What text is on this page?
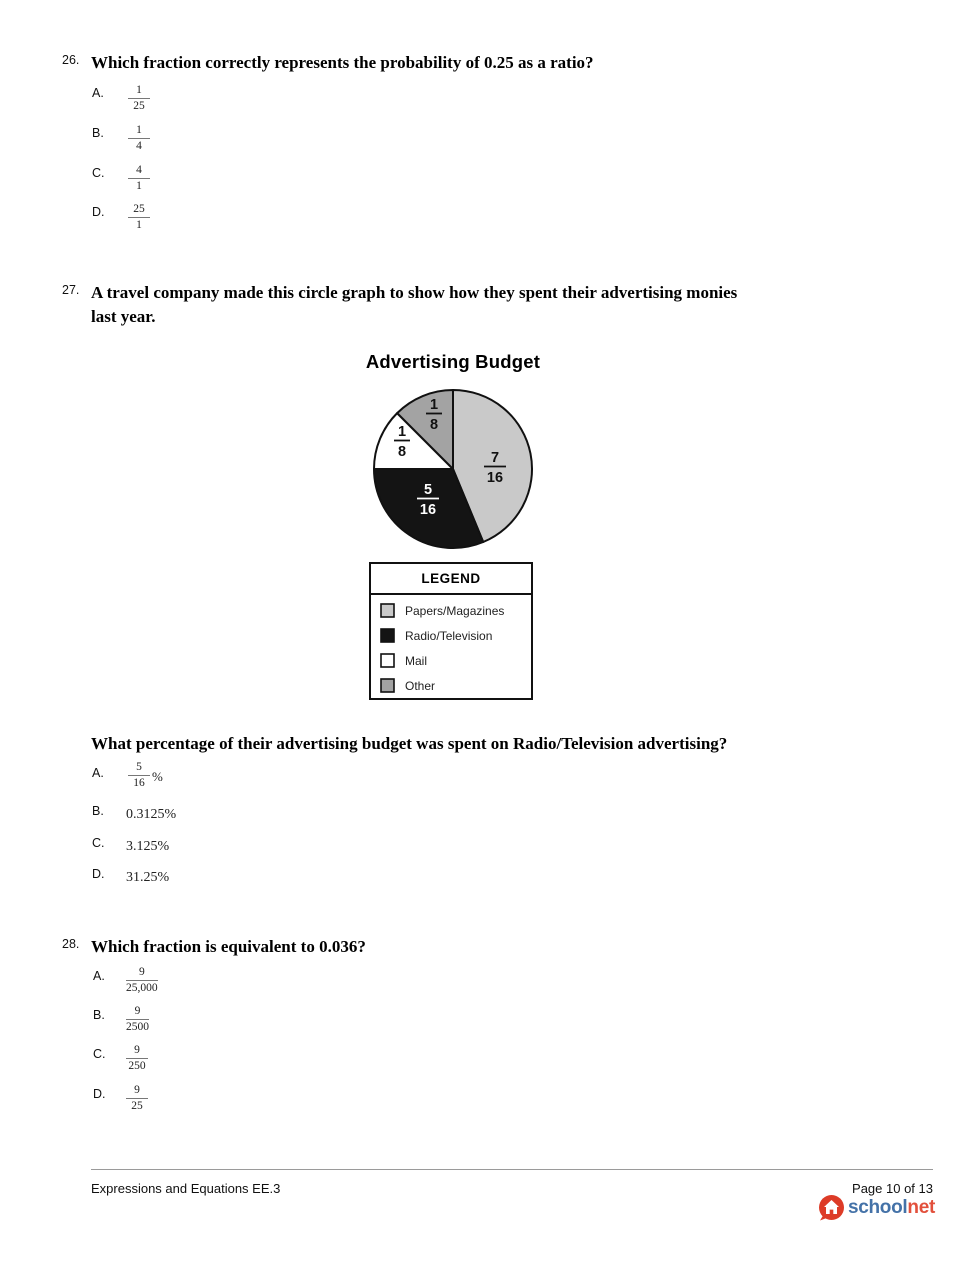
26. Which fraction correctly represents the probability of 0.25 as a ratio?
A.	1
25
B.	1
4
C.	4
1
D.	25
1
27. A travel company made this circle graph to show how they spent their advertising monies
last year.
Advertising Budget
7
16
5
16
1
8
1
8
LEGEND
Papers/Magazines
Radio/Television
Mail
Other
What percentage of their advertising budget was spent on Radio/Television advertising?
A.	5
16 %
B. 0.3125%
C. 3.125%
D. 31.25%
28. Which fraction is equivalent to 0.036?
A.	9
25,000
B.	9
2500
C. 9
250
D. 9
25
Expressions and Equations EE.3	Page 10 of 13
schoolnet
